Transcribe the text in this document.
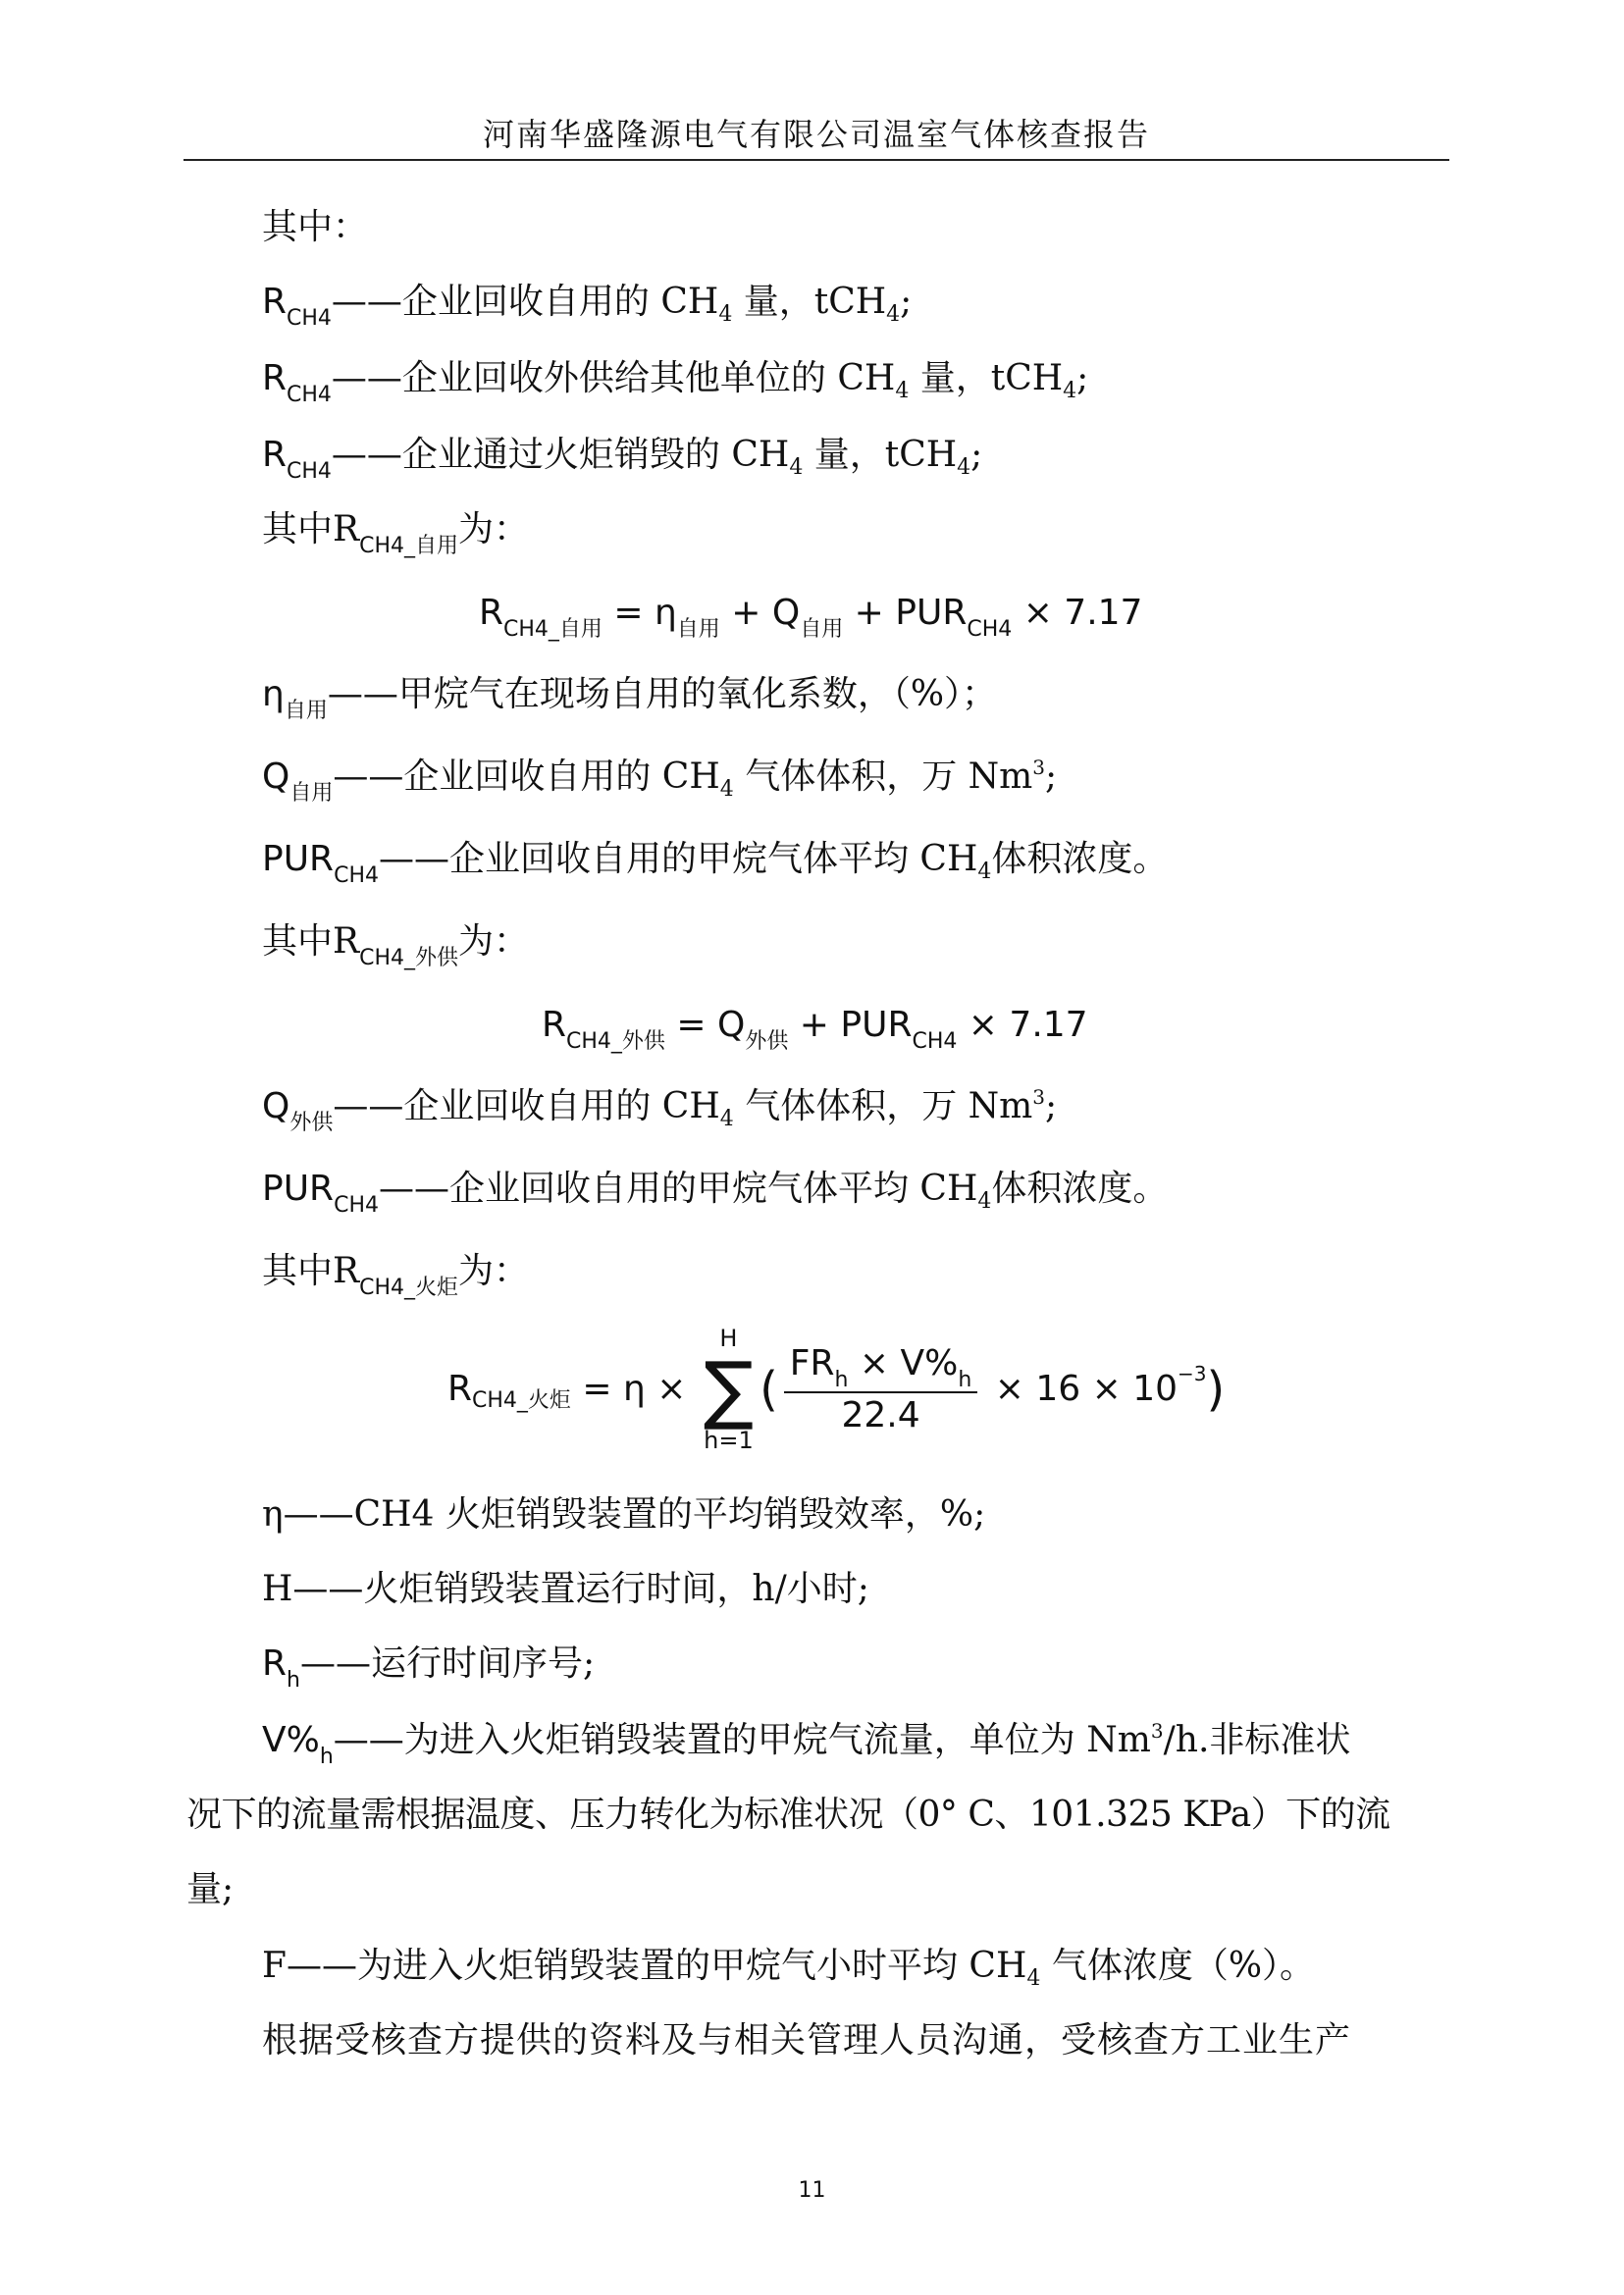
河南华盛隆源电气有限公司温室气体核查报告
其中：
$R_{CH4}——$企业回收自用的 $CH_4$ 量，tCH$_4$;
$R_{CH4}——$企业回收外供给其他单位的 $CH_4$ 量，tCH$_4$;
$R_{CH4}——$企业通过火炬销毁的 $CH_4$ 量，tCH$_4$;
其中$R_{CH4\_自用}$为：
$R_{CH4\_自用} = \eta_{自用} + Q_{自用} + PUR_{CH4} \times 7.17$
$\eta_{自用}——$甲烷气在现场自用的氧化系数，（%）；
$Q_{自用}——$企业回收自用的 $CH_4$ 气体体积，万 Nm$^3$;
$PUR_{CH4}——$企业回收自用的甲烷气体平均 $CH_4$体积浓度。
其中$R_{CH4\_外供}$为：
$R_{CH4\_外供} = Q_{外供} + PUR_{CH4} \times 7.17$
$Q_{外供}——$企业回收自用的 $CH_4$ 气体体积，万 Nm$^3$;
$PUR_{CH4}——$企业回收自用的甲烷气体平均 $CH_4$体积浓度。
其中$R_{CH4\_火炬}$为：
$R_{CH4\_火炬} = \eta$ ×
H
∑
h=1
( $\frac{FR_h \times V\%_h}{22.4} \times 16 \times 10^{-3}$)
η——CH4 火炬销毁装置的平均销毁效率，%;
H——火炬销毁装置运行时间，h/小时;
$R_h——$运行时间序号;
$V\%_h——$为进入火炬销毁装置的甲烷气流量，单位为 Nm$^3$/h.非标准状
况下的流量需根据温度、压力转化为标准状况（0° C、101.325 KPa）下的流
量;
F——为进入火炬销毁装置的甲烷气小时平均 $CH_4$ 气体浓度（%）。
根据受核查方提供的资料及与相关管理人员沟通，受核查方工业生产
11
